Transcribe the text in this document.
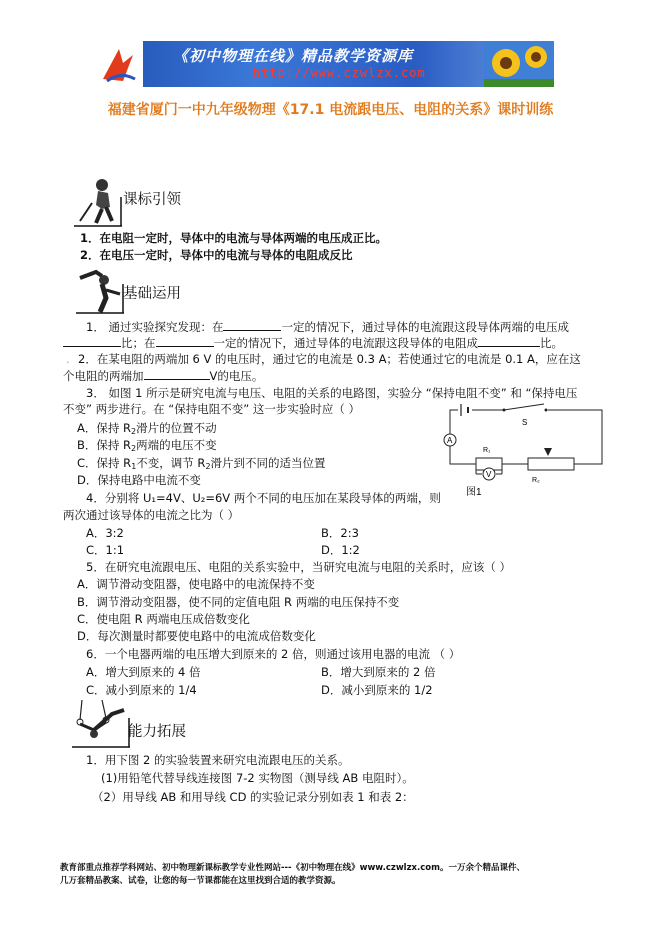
《初中物理在线》精品教学资源库
http://www.czwlzx.com
福建省厦门一中九年级物理《17.1 电流跟电压、电阻的关系》课时训练
课标引领
1．在电阻一定时，导体中的电流与导体两端的电压成正比。
2．在电压一定时，导体中的电流与导体的电阻成反比
基础运用
1． 通过实验探究发现：在	一定的情况下，通过导体的电流跟这段导体两端的电压成
比；在	一定的情况下，通过导体的电流跟这段导体的电阻成	比。
. 2．在某电阻的两端加 6 V 的电压时，通过它的电流是 0.3 A；若使通过它的电流是 0.1 A，应在这
个电阻的两端加	V的电压。
3． 如图 1 所示是研究电流与电压、电阻的关系的电路图，实验分 “保持电阻不变” 和 “保持电压
不变” 两步进行。在 “保持电阻不变” 这一步实验时应（ ）
A．保持 $R_2$滑片的位置不动
B．保持 $R_2$两端的电压不变
C．保持 $R_1$不变，调节 $R_2$滑片到不同的适当位置
D．保持电路中电流不变
S
A
R₁
R₂
V
图1
4．分别将 U₁=4V、U₂=6V 两个不同的电压加在某段导体的两端，则
两次通过该导体的电流之比为（ ）
A．3:2	B．2:3
C．1:1	D．1:2
5．在研究电流跟电压、电阻的关系实验中，当研究电流与电阻的关系时，应该（ ）
A．调节滑动变阻器，使电路中的电流保持不变
B．调节滑动变阻器，使不同的定值电阻 R 两端的电压保持不变
C．使电阻 R 两端电压成倍数变化
D．每次测量时都要使电路中的电流成倍数变化
6．一个电器两端的电压增大到原来的 2 倍，则通过该用电器的电流 （ ）
A．增大到原来的 4 倍	B．增大到原来的 2 倍
C．减小到原来的 1/4	D．减小到原来的 1/2
能力拓展
1．用下图 2 的实验装置来研究电流跟电压的关系。
(1)用铅笔代替导线连接图 7-2 实物图（测导线 AB 电阻时）。
（2）用导线 AB 和用导线 CD 的实验记录分别如表 1 和表 2：
教育部重点推荐学科网站、初中物理新课标教学专业性网站---《初中物理在线》www.czwlzx.com。一万余个精品课件、
几万套精品教案、试卷，让您的每一节课都能在这里找到合适的教学资源。
